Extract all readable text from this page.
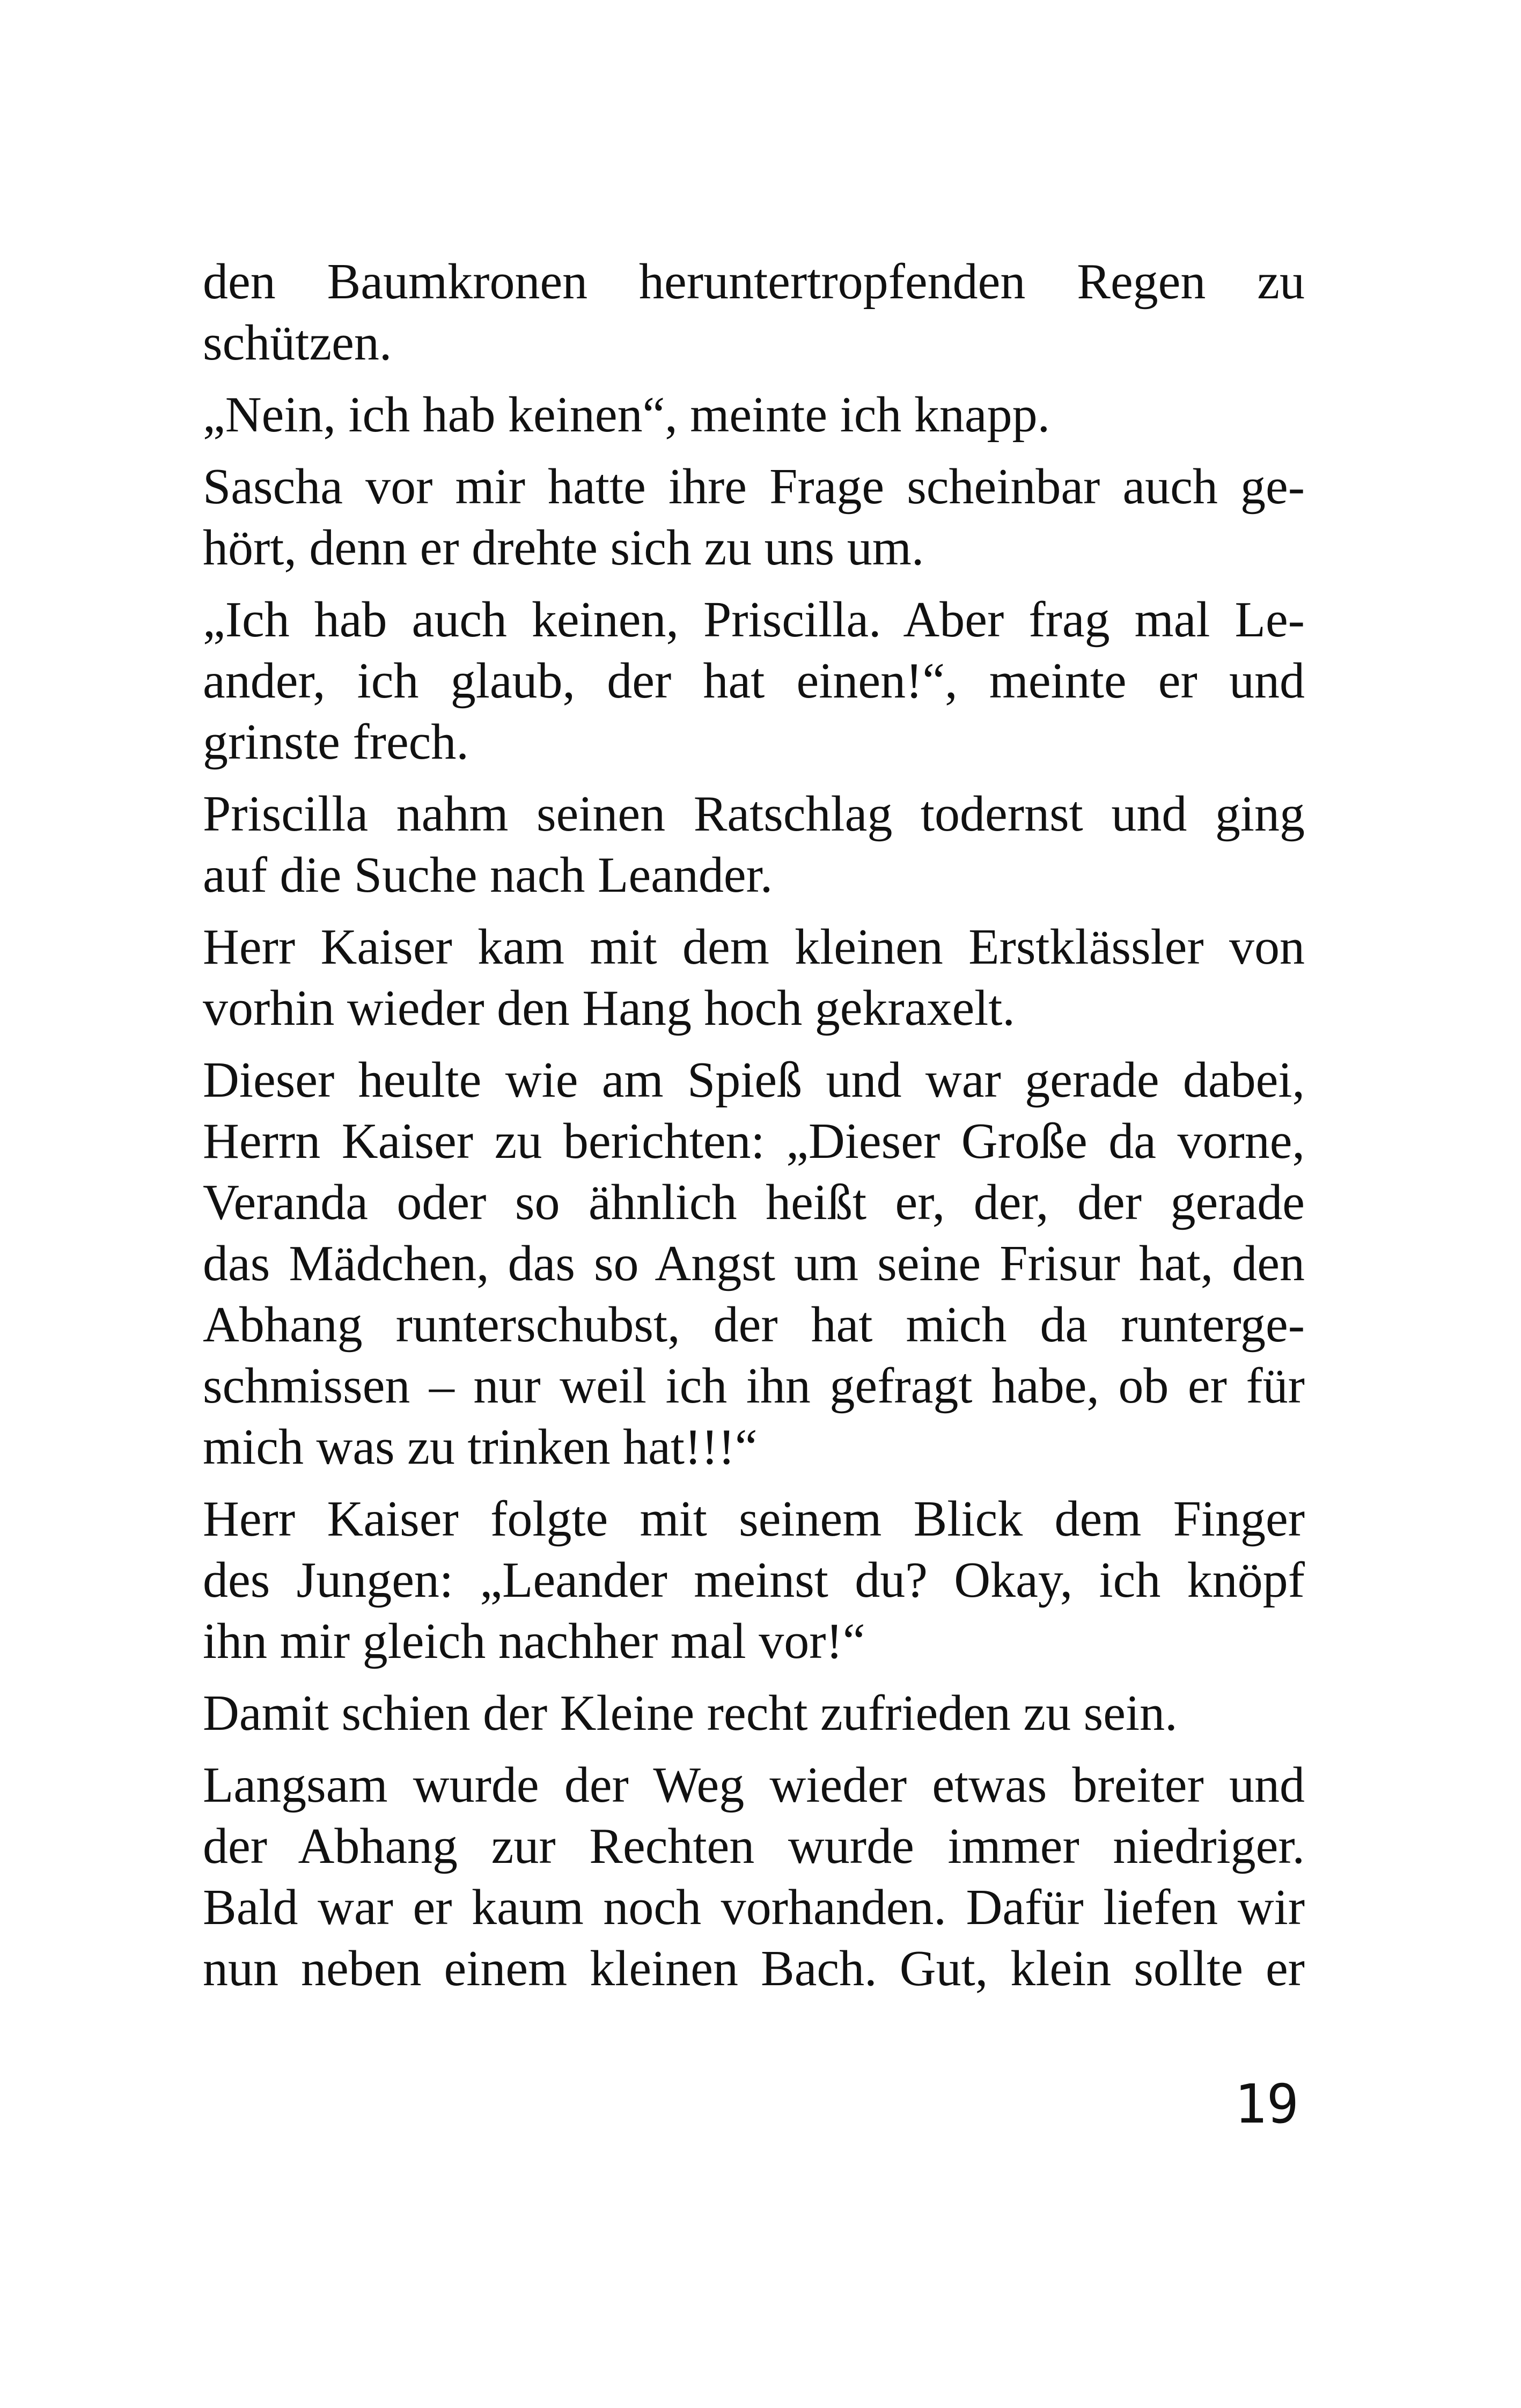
den Baumkronen heruntertropfenden Regen zu
schützen.

„Nein, ich hab keinen“, meinte ich knapp.

Sascha vor mir hatte ihre Frage scheinbar auch ge-
hört, denn er drehte sich zu uns um.

„Ich hab auch keinen, Priscilla. Aber frag mal Le-
ander, ich glaub, der hat einen!“, meinte er und
grinste frech.

Priscilla nahm seinen Ratschlag todernst und ging
auf die Suche nach Leander.

Herr Kaiser kam mit dem kleinen Erstklässler von
vorhin wieder den Hang hoch gekraxelt.

Dieser heulte wie am Spieß und war gerade dabei,
Herrn Kaiser zu berichten: „Dieser Große da vorne,
Veranda oder so ähnlich heißt er, der, der gerade
das Mädchen, das so Angst um seine Frisur hat, den
Abhang runterschubst, der hat mich da runterge-
schmissen – nur weil ich ihn gefragt habe, ob er für
mich was zu trinken hat!!!“

Herr Kaiser folgte mit seinem Blick dem Finger
des Jungen: „Leander meinst du? Okay, ich knöpf
ihn mir gleich nachher mal vor!“

Damit schien der Kleine recht zufrieden zu sein.

Langsam wurde der Weg wieder etwas breiter und
der Abhang zur Rechten wurde immer niedriger.
Bald war er kaum noch vorhanden. Dafür liefen wir
nun neben einem kleinen Bach. Gut, klein sollte er

19
